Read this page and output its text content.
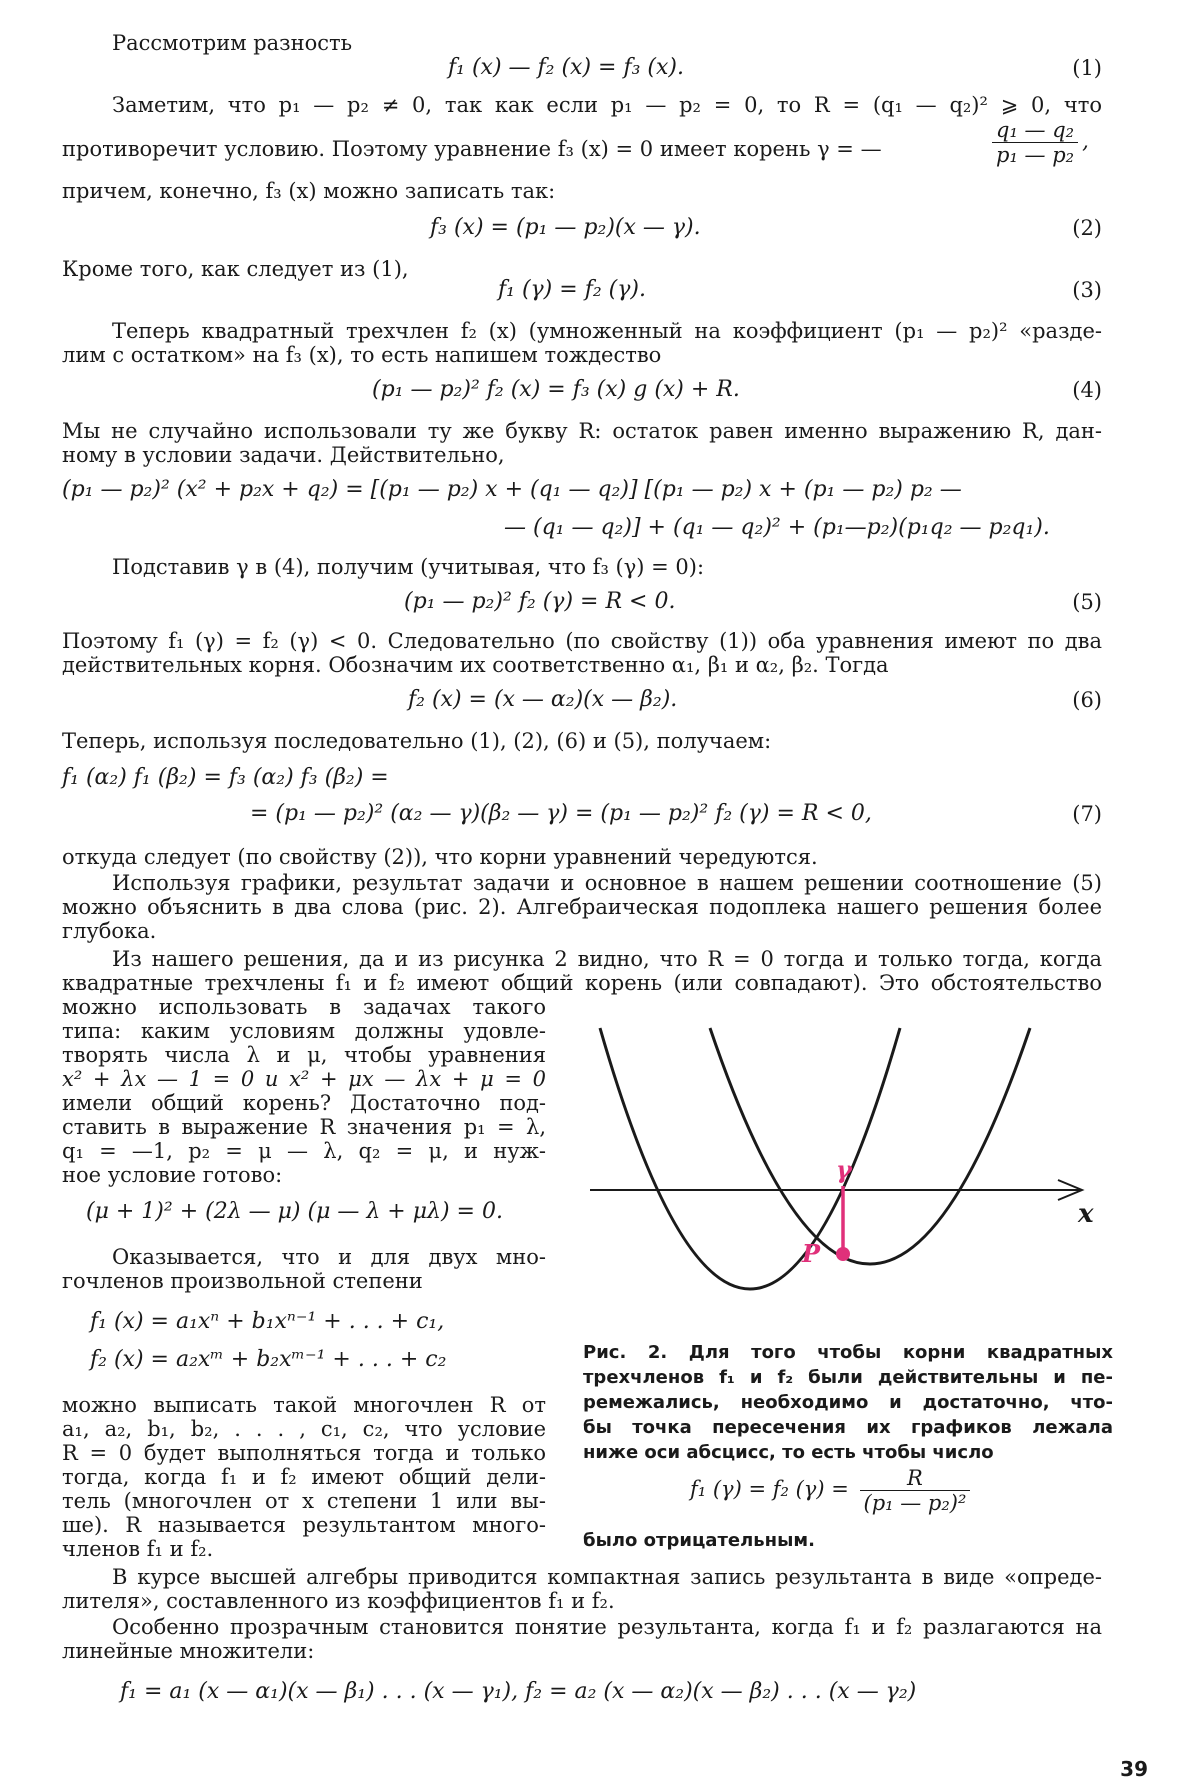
Рассмотрим разность
f₁ (x) — f₂ (x) = f₃ (x).	(1)
Заметим, что p₁ — p₂ ≠ 0, так как если p₁ — p₂ = 0, то R = (q₁ — q₂)² ⩾ 0, что
противоречит условию. Поэтому уравнение f₃ (x) = 0 имеет корень γ = —	$\frac{\text{q₁ — q₂}}{\text{p₁ — p₂}}$ ,
причем, конечно, f₃ (x) можно записать так:
f₃ (x) = (p₁ — p₂)(x — γ).	(2)
Кроме того, как следует из (1),
f₁ (γ) = f₂ (γ).	(3)
Теперь квадратный трехчлен f₂ (x) (умноженный на коэффициент (p₁ — p₂)² «разде-
лим с остатком» на f₃ (x), то есть напишем тождество
(p₁ — p₂)² f₂ (x) = f₃ (x) g (x) + R.	(4)
Мы не случайно использовали ту же букву R: остаток равен именно выражению R, дан-
ному в условии задачи. Действительно,
(p₁ — p₂)² (x² + p₂x + q₂) = [(p₁ — p₂) x + (q₁ — q₂)] [(p₁ — p₂) x + (p₁ — p₂) p₂ —
— (q₁ — q₂)] + (q₁ — q₂)² + (p₁—p₂)(p₁q₂ — p₂q₁).
Подставив γ в (4), получим (учитывая, что f₃ (γ) = 0):
(p₁ — p₂)² f₂ (γ) = R < 0.	(5)
Поэтому f₁ (γ) = f₂ (γ) < 0. Следовательно (по свойству (1)) оба уравнения имеют по два
действительных корня. Обозначим их соответственно α₁, β₁ и α₂, β₂. Тогда
f₂ (x) = (x — α₂)(x — β₂).	(6)
Теперь, используя последовательно (1), (2), (6) и (5), получаем:
f₁ (α₂) f₁ (β₂) = f₃ (α₂) f₃ (β₂) =
= (p₁ — p₂)² (α₂ — γ)(β₂ — γ) = (p₁ — p₂)² f₂ (γ) = R < 0,	(7)
откуда следует (по свойству (2)), что корни уравнений чередуются.
Используя графики, результат задачи и основное в нашем решении соотношение (5)
можно объяснить в два слова (рис. 2). Алгебраическая подоплека нашего решения более
глубока.
Из нашего решения, да и из рисунка 2 видно, что R = 0 тогда и только тогда, когда
квадратные трехчлены f₁ и f₂ имеют общий корень (или совпадают). Это обстоятельство
можно использовать в задачах такого
типа: каким условиям должны удовле-
творять числа λ и μ, чтобы уравнения
x² + λx — 1 = 0 и x² + μx — λx + μ = 0
имели общий корень? Достаточно под-
ставить в выражение R значения p₁ = λ,
q₁ = —1, p₂ = μ — λ, q₂ = μ, и нуж-
ное условие готово:
(μ + 1)² + (2λ — μ) (μ — λ + μλ) = 0.
Оказывается, что и для двух мно-
гочленов произвольной степени
f₁ (x) = a₁xⁿ + b₁xⁿ⁻¹ + . . . + c₁,
f₂ (x) = a₂xᵐ + b₂xᵐ⁻¹ + . . . + c₂
можно выписать такой многочлен R от
a₁, a₂, b₁, b₂, . . . , c₁, c₂, что условие
R = 0 будет выполняться тогда и только
тогда, когда f₁ и f₂ имеют общий дели-
тель (многочлен от x степени 1 или вы-
ше). R называется результантом много-
членов f₁ и f₂.
γ
x
P
Рис. 2. Для того чтобы корни квадратных
трехчленов f₁ и f₂ были действительны и пе-
ремежались, необходимо и достаточно, что-
бы точка пересечения их графиков лежала
ниже оси абсцисс, то есть чтобы число
f₁ (γ) = f₂ $(\gamma) = \frac{R}{\text{(p₁ — p₂)²}}$
было отрицательным.
В курсе высшей алгебры приводится компактная запись результанта в виде «опреде-
лителя», составленного из коэффициентов f₁ и f₂.
Особенно прозрачным становится понятие результанта, когда f₁ и f₂ разлагаются на
линейные множители:
f₁ = a₁ (x — α₁)(x — β₁) . . . (x — γ₁), f₂ = a₂ (x — α₂)(x — β₂) . . . (x — γ₂)
39
